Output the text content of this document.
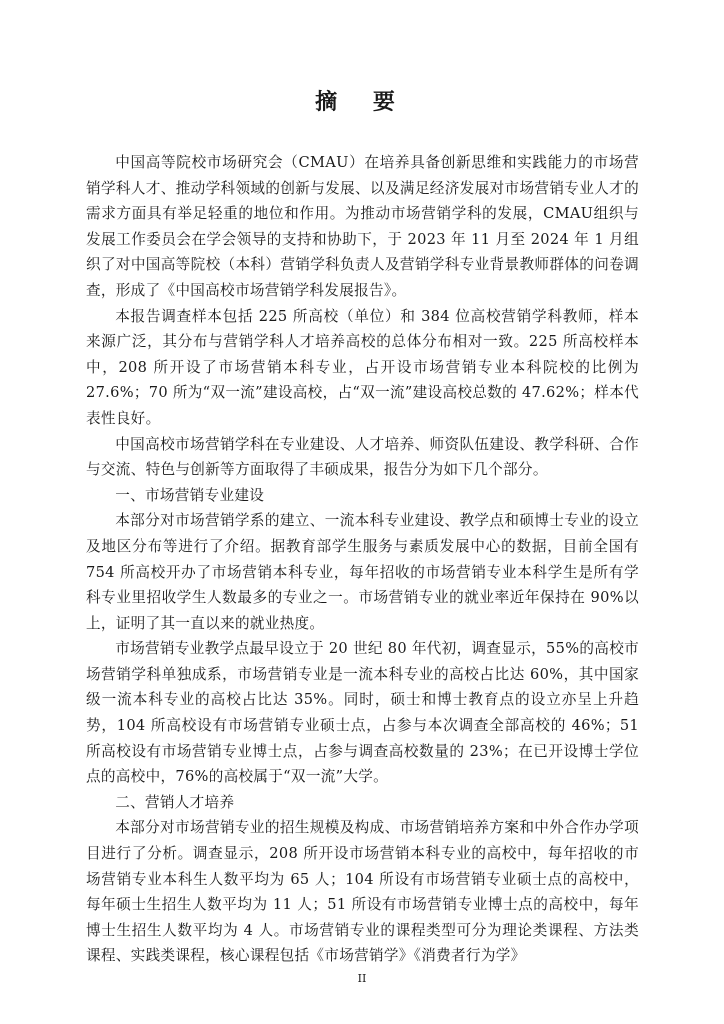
摘 要

中国高等院校市场研究会（CMAU）在培养具备创新思维和实践能力的市场营销学科人才、推动学科领域的创新与发展、以及满足经济发展对市场营销专业人才的需求方面具有举足轻重的地位和作用。为推动市场营销学科的发展，CMAU组织与发展工作委员会在学会领导的支持和协助下，于 2023 年 11 月至 2024 年 1 月组织了对中国高等院校（本科）营销学科负责人及营销学科专业背景教师群体的问卷调查，形成了《中国高校市场营销学科发展报告》。

本报告调查样本包括 225 所高校（单位）和 384 位高校营销学科教师，样本来源广泛，其分布与营销学科人才培养高校的总体分布相对一致。225 所高校样本中，208 所开设了市场营销本科专业，占开设市场营销专业本科院校的比例为 27.6%；70 所为“双一流”建设高校，占“双一流”建设高校总数的 47.62%；样本代表性良好。

中国高校市场营销学科在专业建设、人才培养、师资队伍建设、教学科研、合作与交流、特色与创新等方面取得了丰硕成果，报告分为如下几个部分。

一、市场营销专业建设

本部分对市场营销学系的建立、一流本科专业建设、教学点和硕博士专业的设立及地区分布等进行了介绍。据教育部学生服务与素质发展中心的数据，目前全国有 754 所高校开办了市场营销本科专业，每年招收的市场营销专业本科学生是所有学科专业里招收学生人数最多的专业之一。市场营销专业的就业率近年保持在 90%以上，证明了其一直以来的就业热度。

市场营销专业教学点最早设立于 20 世纪 80 年代初，调查显示，55%的高校市场营销学科单独成系，市场营销专业是一流本科专业的高校占比达 60%，其中国家级一流本科专业的高校占比达 35%。同时，硕士和博士教育点的设立亦呈上升趋势，104 所高校设有市场营销专业硕士点，占参与本次调查全部高校的 46%；51 所高校设有市场营销专业博士点，占参与调查高校数量的 23%；在已开设博士学位点的高校中，76%的高校属于“双一流”大学。

二、营销人才培养

本部分对市场营销专业的招生规模及构成、市场营销培养方案和中外合作办学项目进行了分析。调查显示，208 所开设市场营销本科专业的高校中，每年招收的市场营销专业本科生人数平均为 65 人；104 所设有市场营销专业硕士点的高校中，每年硕士生招生人数平均为 11 人；51 所设有市场营销专业博士点的高校中，每年博士生招生人数平均为 4 人。市场营销专业的课程类型可分为理论类课程、方法类课程、实践类课程，核心课程包括《市场营销学》《消费者行为学》

II
